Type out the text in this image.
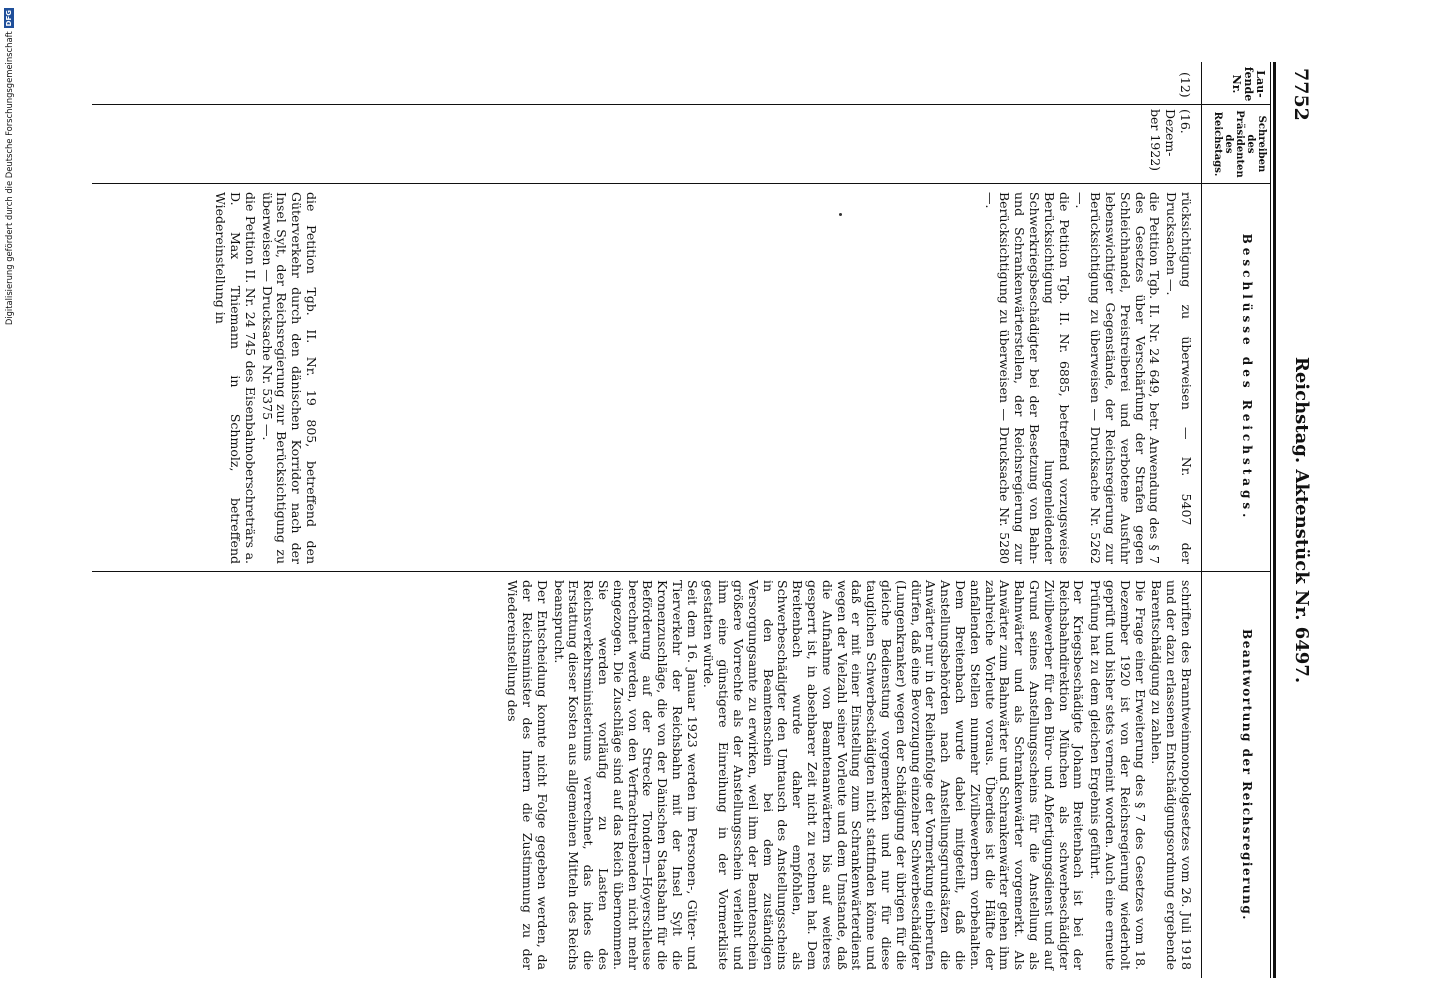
Reichstag. Aktenstück Nr. 6497.
7752
Lau-
fende
Nr.
Schreiben
des
Präsidenten
des
Reichstags.
Beschlüsse des Reichstags.
Beantwortung der Reichsregierung.
(12)
(16. Dezem- ber 1922)

rücksichtigung zu überweisen — Nr. 5407 der Drucksachen —.

die Petition Tgb. II. Nr. 24 649, betr. Anwendung des § 7 des Gesetzes über Verschärfung der Strafen gegen Schleichhandel, Preistreiberei und verbotene Ausfuhr lebenswichtiger Gegenstände, der Reichsregierung zur Berücksichtigung zu überweisen — Drucksache Nr. 5262 —.

die Petition Tgb. II. Nr. 6885, betreffend vorzugsweise Berücksichtigung lungenleidender Schwerkriegsbeschädigter bei der Besetzung von Bahn- und Schrankenwärterstellen, der Reichsregierung zur Berücksichtigung zu überweisen — Drucksache Nr. 5280 —.

die Petition Tgb. II. Nr. 19 805, betreffend den Güterverkehr durch den dänischen Korridor nach der Insel Sylt, der Reichsregierung zur Berücksichtigung zu überweisen — Drucksache Nr. 5375 —.

die Petition II. Nr. 24 745 des Eisenbahnoberschreträrs a. D. Max Thiemann in Schmolz, betreffend Wiedereinstellung in

schriften des Branntweinmonopolgesetzes vom 26. Juli 1918 und der dazu erlassenen Entschädigungsordnung ergebende Barentschädigung zu zahlen.

Die Frage einer Erweiterung des § 7 des Gesetzes vom 18. Dezember 1920 ist von der Reichsregierung wiederholt geprüft und bisher stets verneint worden. Auch eine erneute Prüfung hat zu dem gleichen Ergebnis geführt.

Der Kriegsbeschädigte Johann Breitenbach ist bei der Reichsbahndirektion München als schwerbeschädigter Zivilbewerber für den Büro- und Abfertigungsdienst und auf Grund seines Anstellungsscheins für die Anstellung als Bahnwärter und als Schrankenwärter vorgemerkt. Als Anwärter zum Bahnwärter und Schrankenwärter gehen ihm zahlreiche Vorleute voraus. Überdies ist die Hälfte der anfallenden Stellen nunmehr Zivilbewerbern vorbehalten. Dem Breitenbach wurde dabei mitgeteilt, daß die Anstellungsbehörden nach Anstellungsgrundsätzen die Anwärter nur in der Reihenfolge der Vormerkung einberufen dürfen, daß eine Bevorzugung einzelner Schwerbeschädigter (Lungenkranker) wegen der Schädigung der übrigen für die gleiche Bedienstung vorgemerkten und nur für diese tauglichen Schwerbeschädigten nicht stattfinden könne und daß er mit einer Einstellung zum Schrankenwärterdienst wegen der Vielzahl seiner Vorleute und dem Umstande, daß die Aufnahme von Beamtenanwärtern bis auf weiteres gesperrt ist, in absehbarer Zeit nicht zu rechnen hat. Dem Breitenbach wurde daher empfohlen, als Schwerbeschädigter den Umtausch des Anstellungsscheins in den Beamtenschein bei dem zuständigen Versorgungsamte zu erwirken, weil ihm der Beamtenschein größere Vorrechte als der Anstellungsschein verleiht und ihm eine günstigere Einreihung in der Vormerkliste gestatten würde.

Seit dem 16. Januar 1923 werden im Personen-, Güter- und Tierverkehr der Reichsbahn mit der Insel Sylt die Kronenzuschläge, die von der Dänischen Staatsbahn für die Beförderung auf der Strecke Tondern—Hoyerschleuse berechnet werden, von den Verfrachtreibenden nicht mehr eingezogen. Die Zuschläge sind auf das Reich übernommen. Sie werden vorläufig zu Lasten des Reichsverkehrsministeriums verrechnet, das indes die Erstattung dieser Kosten aus allgemeinen Mitteln des Reichs beansprucht.

Der Entscheidung konnte nicht Folge gegeben werden, da der Reichsminister des Innern die Zustimmung zu der Wiedereinstellung des

Digitalisierung gefördert durch die Deutsche Forschungsgemeinschaft
DFG
